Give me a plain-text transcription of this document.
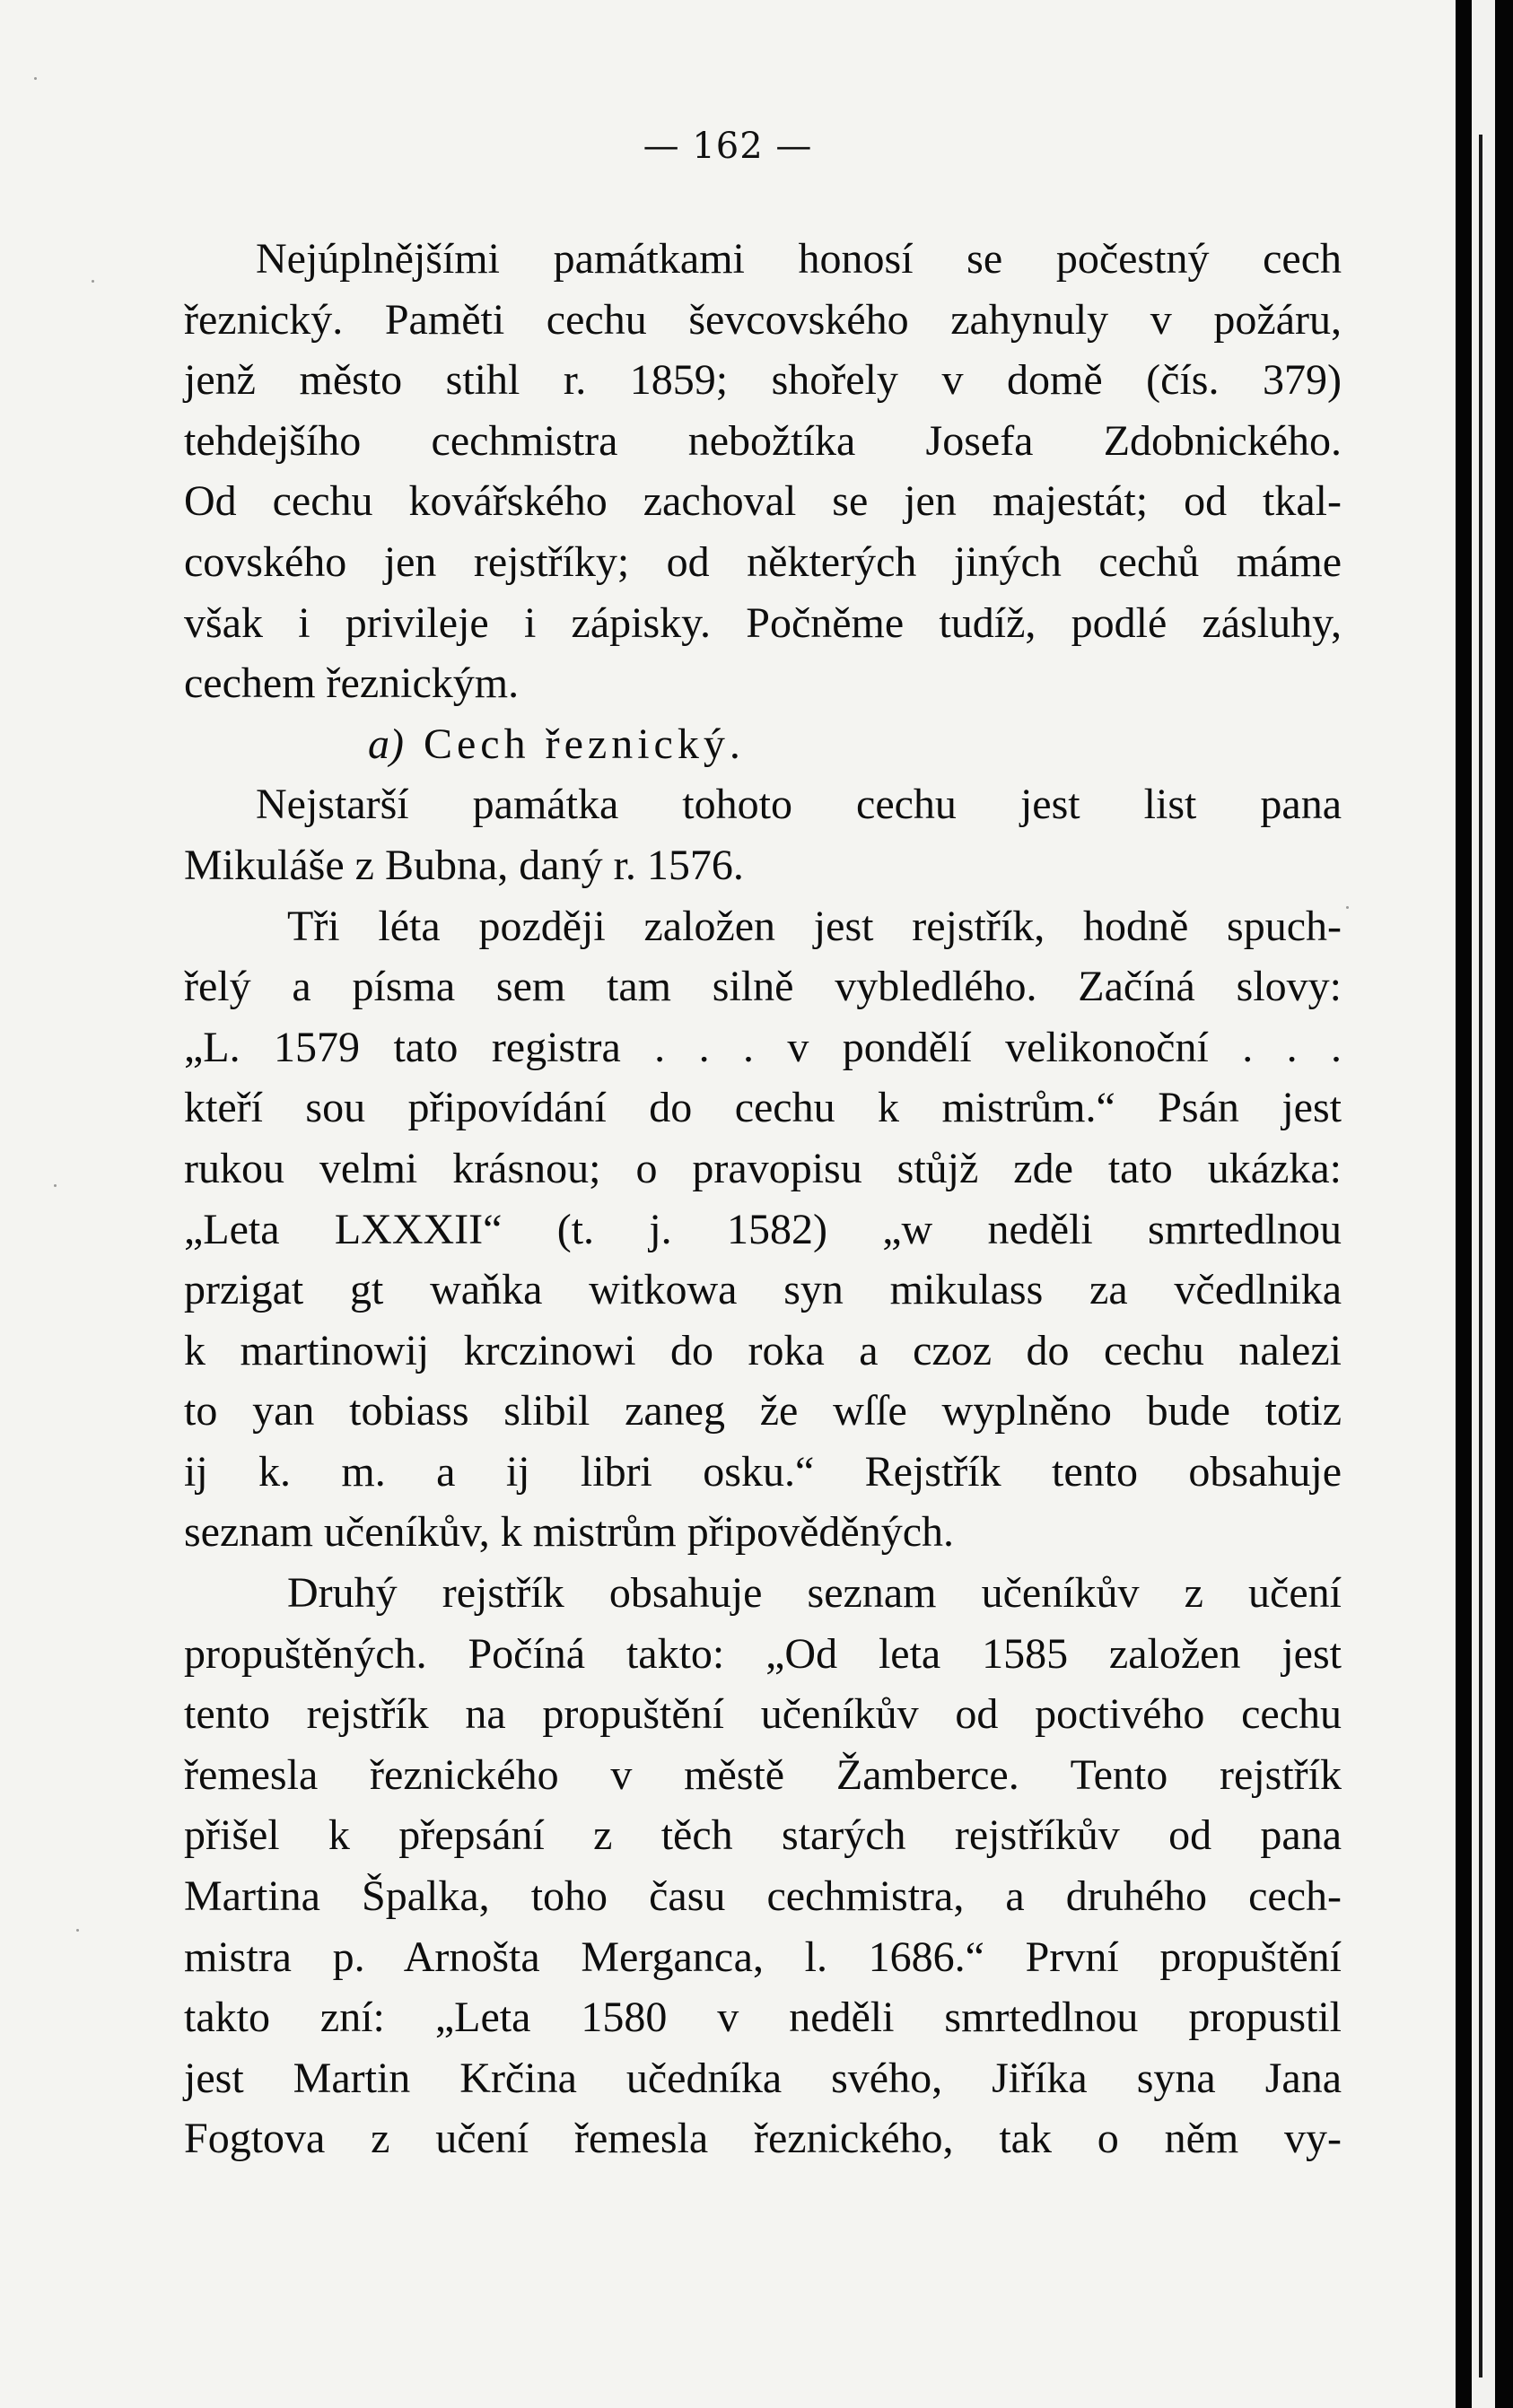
— 162 —
Nejúplnějšími památkami honosí se počestný cech
řeznický. Paměti cechu ševcovského zahynuly v požáru,
jenž město stihl r. 1859; shořely v domě (čís. 379)
tehdejšího cechmistra nebožtíka Josefa Zdobnického.
Od cechu kovářského zachoval se jen majestát; od tkal-
covského jen rejstříky; od některých jiných cechů máme
však i privileje i zápisky. Počněme tudíž, podlé zásluhy,
cechem řeznickým.
a) Cech řeznický.
Nejstarší památka tohoto cechu jest list pana
Mikuláše z Bubna, daný r. 1576.
Tři léta později založen jest rejstřík, hodně spuch-
řelý a písma sem tam silně vybledlého. Začíná slovy:
„L. 1579 tato registra . . . v pondělí velikonoční . . .
kteří sou připovídání do cechu k mistrům.“ Psán jest
rukou velmi krásnou; o pravopisu stůjž zde tato ukázka:
„Leta LXXXII“ (t. j. 1582) „w neděli smrtedlnou
przigat gt waňka witkowa syn mikulass za včedlnika
k martinowij krczinowi do roka a czoz do cechu nalezi
to yan tobiass slibil zaneg že wſſe wyplněno bude totiz
ij k. m. a ij libri osku.“ Rejstřík tento obsahuje
seznam učeníkův, k mistrům připověděných.
Druhý rejstřík obsahuje seznam učeníkův z učení
propuštěných. Počíná takto: „Od leta 1585 založen jest
tento rejstřík na propuštění učeníkův od poctivého cechu
řemesla řeznického v městě Žamberce. Tento rejstřík
přišel k přepsání z těch starých rejstříkův od pana
Martina Špalka, toho času cechmistra, a druhého cech-
mistra p. Arnošta Merganса, l. 1686.“ První propuštění
takto zní: „Leta 1580 v neděli smrtedlnou propustil
jest Martin Krčina učedníka svého, Jiříka syna Jana
Fogtova z učení řemesla řeznického, tak o něm vy-
